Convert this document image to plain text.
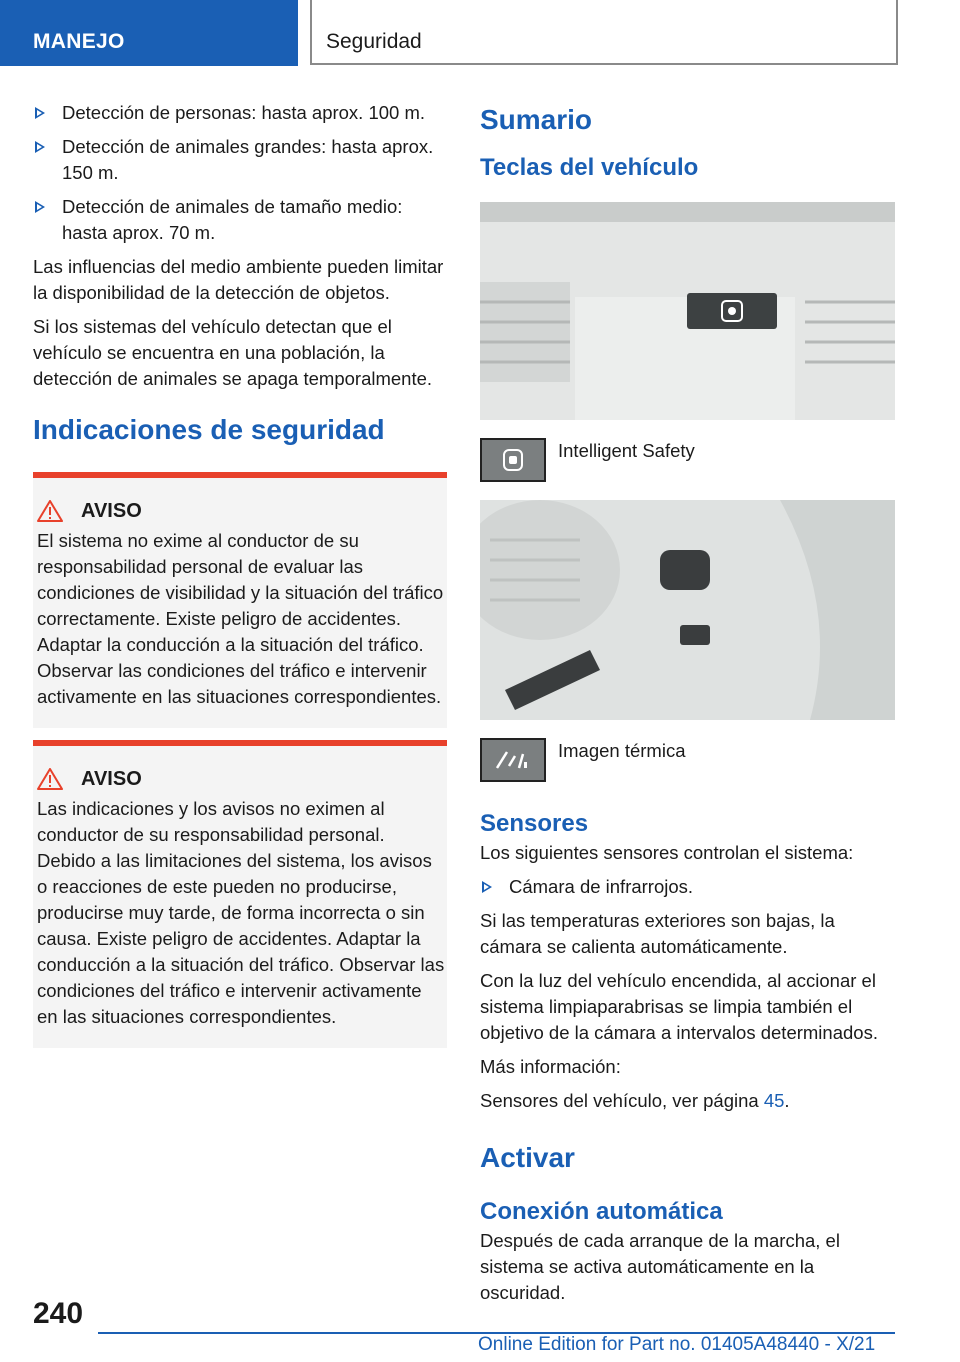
MANEJO	Seguridad
Detección de personas: hasta aprox. 100 m.
Detección de animales grandes: hasta aprox. 150 m.
Detección de animales de tamaño medio: hasta aprox. 70 m.

Las influencias del medio ambiente pueden limitar la disponibilidad de la detección de objetos.

Si los sistemas del vehículo detectan que el vehículo se encuentra en una población, la detección de animales se apaga temporalmente.

Indicaciones de seguridad
AVISO

El sistema no exime al conductor de su responsabilidad personal de evaluar las condiciones de visibilidad y la situación del tráfico correctamente. Existe peligro de accidentes. Adaptar la conducción a la situación del tráfico. Observar las condiciones del tráfico e intervenir activamente en las situaciones correspondientes.

AVISO

Las indicaciones y los avisos no eximen al conductor de su responsabilidad personal. Debido a las limitaciones del sistema, los avisos o reacciones de este pueden no producirse, producirse muy tarde, de forma incorrecta o sin causa. Existe peligro de accidentes. Adaptar la conducción a la situación del tráfico. Observar las condiciones del tráfico e intervenir activamente en las situaciones correspondientes.

Sumario
Teclas del vehículo
Intelligent Safety
Imagen térmica
Sensores

Los siguientes sensores controlan el sistema:

Cámara de infrarrojos.

Si las temperaturas exteriores son bajas, la cámara se calienta automáticamente.

Con la luz del vehículo encendida, al accionar el sistema limpiaparabrisas se limpia también el objetivo de la cámara a intervalos determinados.

Más información:

Sensores del vehículo, ver página 45.

Activar
Conexión automática

Después de cada arranque de la marcha, el sistema se activa automáticamente en la oscuridad.

240
Online Edition for Part no. 01405A48440 - X/21
